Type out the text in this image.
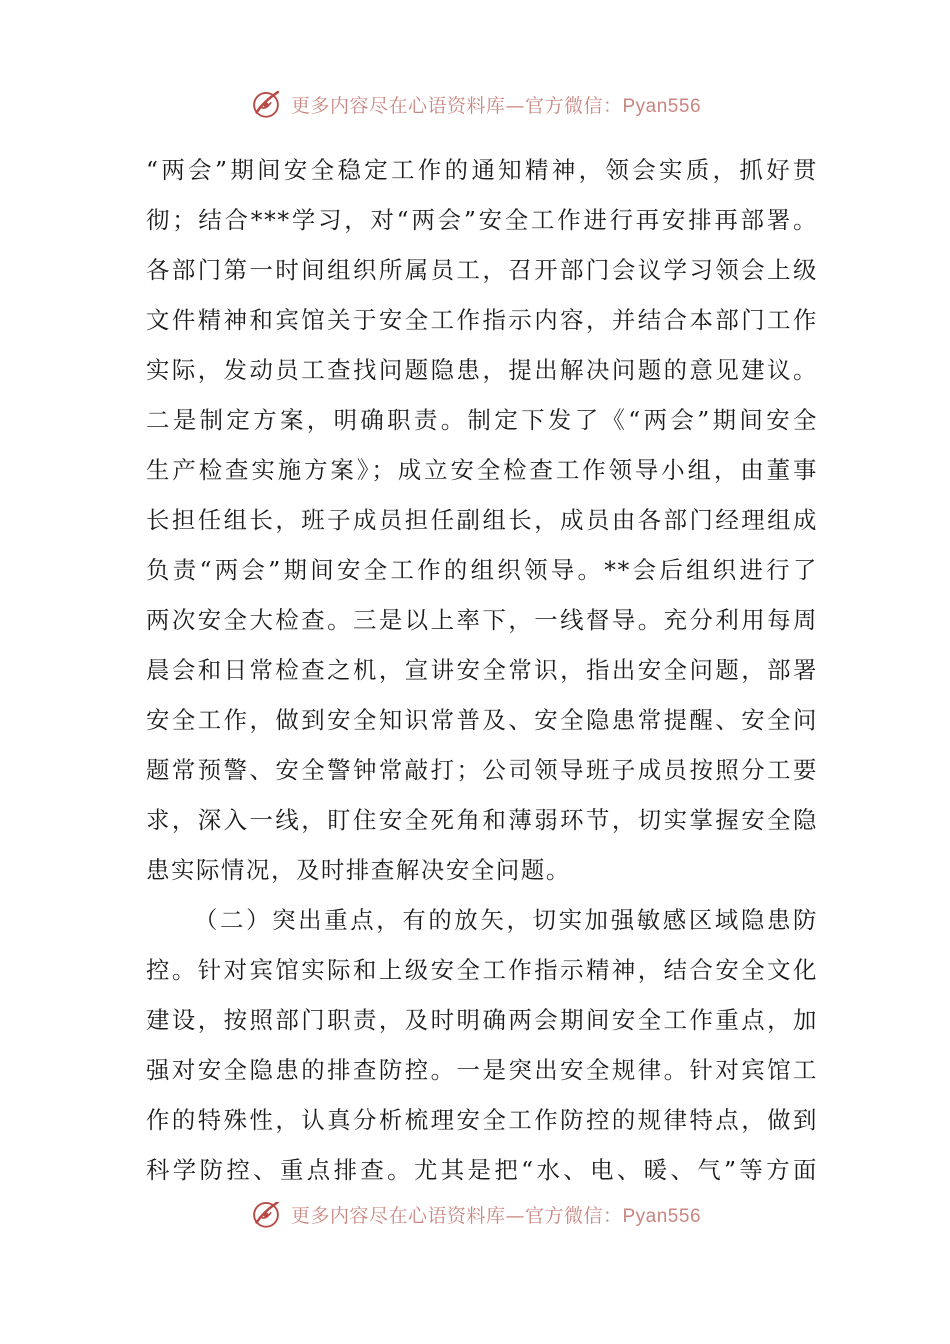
更多内容尽在心语资料库—官方微信：Pyan556
“两会”期间安全稳定工作的通知精神，领会实质，抓好贯
彻；结合***学习，对“两会”安全工作进行再安排再部署。
各部门第一时间组织所属员工，召开部门会议学习领会上级
文件精神和宾馆关于安全工作指示内容，并结合本部门工作
实际，发动员工查找问题隐患，提出解决问题的意见建议。
二是制定方案，明确职责。制定下发了《“两会”期间安全
生产检查实施方案》；成立安全检查工作领导小组，由董事
长担任组长，班子成员担任副组长，成员由各部门经理组成
负责“两会”期间安全工作的组织领导。**会后组织进行了
两次安全大检查。三是以上率下，一线督导。充分利用每周
晨会和日常检查之机，宣讲安全常识，指出安全问题，部署
安全工作，做到安全知识常普及、安全隐患常提醒、安全问
题常预警、安全警钟常敲打；公司领导班子成员按照分工要
求，深入一线，盯住安全死角和薄弱环节，切实掌握安全隐
患实际情况，及时排查解决安全问题。
（二）突出重点，有的放矢，切实加强敏感区域隐患防
控。针对宾馆实际和上级安全工作指示精神，结合安全文化
建设，按照部门职责，及时明确两会期间安全工作重点，加
强对安全隐患的排查防控。一是突出安全规律。针对宾馆工
作的特殊性，认真分析梳理安全工作防控的规律特点，做到
科学防控、重点排查。尤其是把“水、电、暖、气”等方面
更多内容尽在心语资料库—官方微信：Pyan556
